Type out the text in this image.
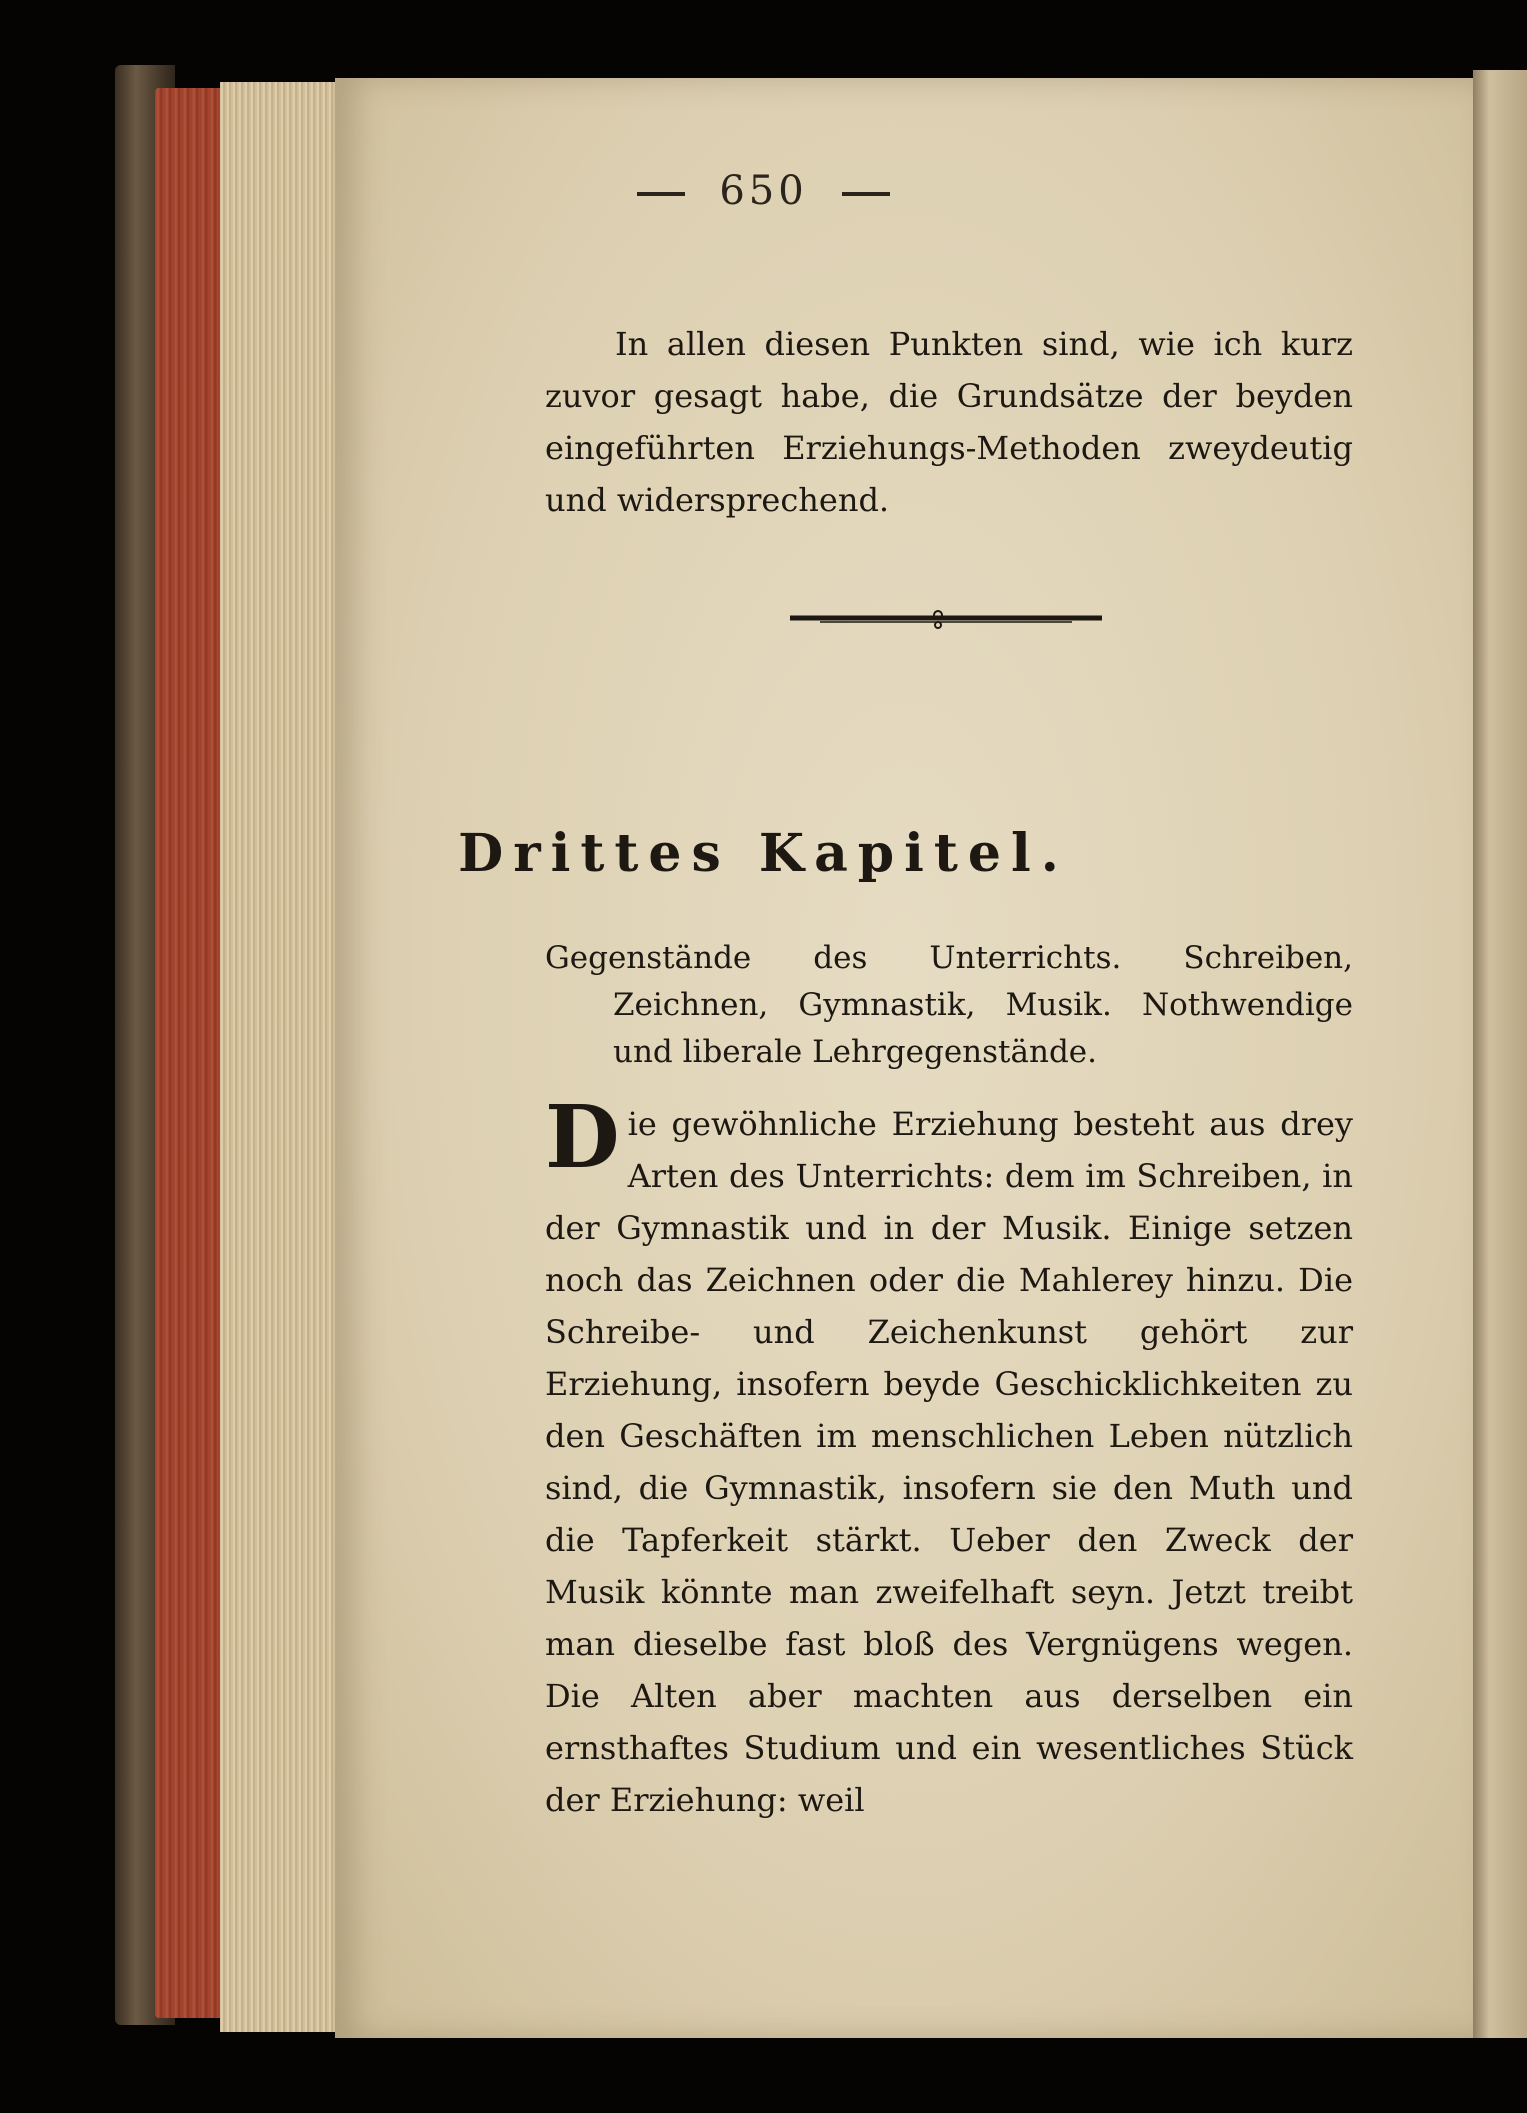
650

In allen diesen Punkten sind, wie ich kurz zuvor gesagt habe, die Grundsätze der beyden eingeführten Erziehungs-Methoden zweydeutig und widersprechend.

Drittes Kapitel.
Gegenstände des Unterrichts. Schreiben, Zeichnen, Gymnastik, Musik. Nothwendige und liberale Lehrgegenstände.

Die gewöhnliche Erziehung besteht aus drey Arten des Unterrichts: dem im Schreiben, in der Gymnastik und in der Musik. Einige setzen noch das Zeichnen oder die Mahlerey hinzu. Die Schreibe- und Zeichenkunst gehört zur Erziehung, insofern beyde Geschicklichkeiten zu den Geschäften im menschlichen Leben nützlich sind, die Gymnastik, insofern sie den Muth und die Tapferkeit stärkt. Ueber den Zweck der Musik könnte man zweifelhaft seyn. Jetzt treibt man dieselbe fast bloß des Vergnügens wegen. Die Alten aber machten aus derselben ein ernsthaftes Studium und ein wesentliches Stück der Erziehung: weil
